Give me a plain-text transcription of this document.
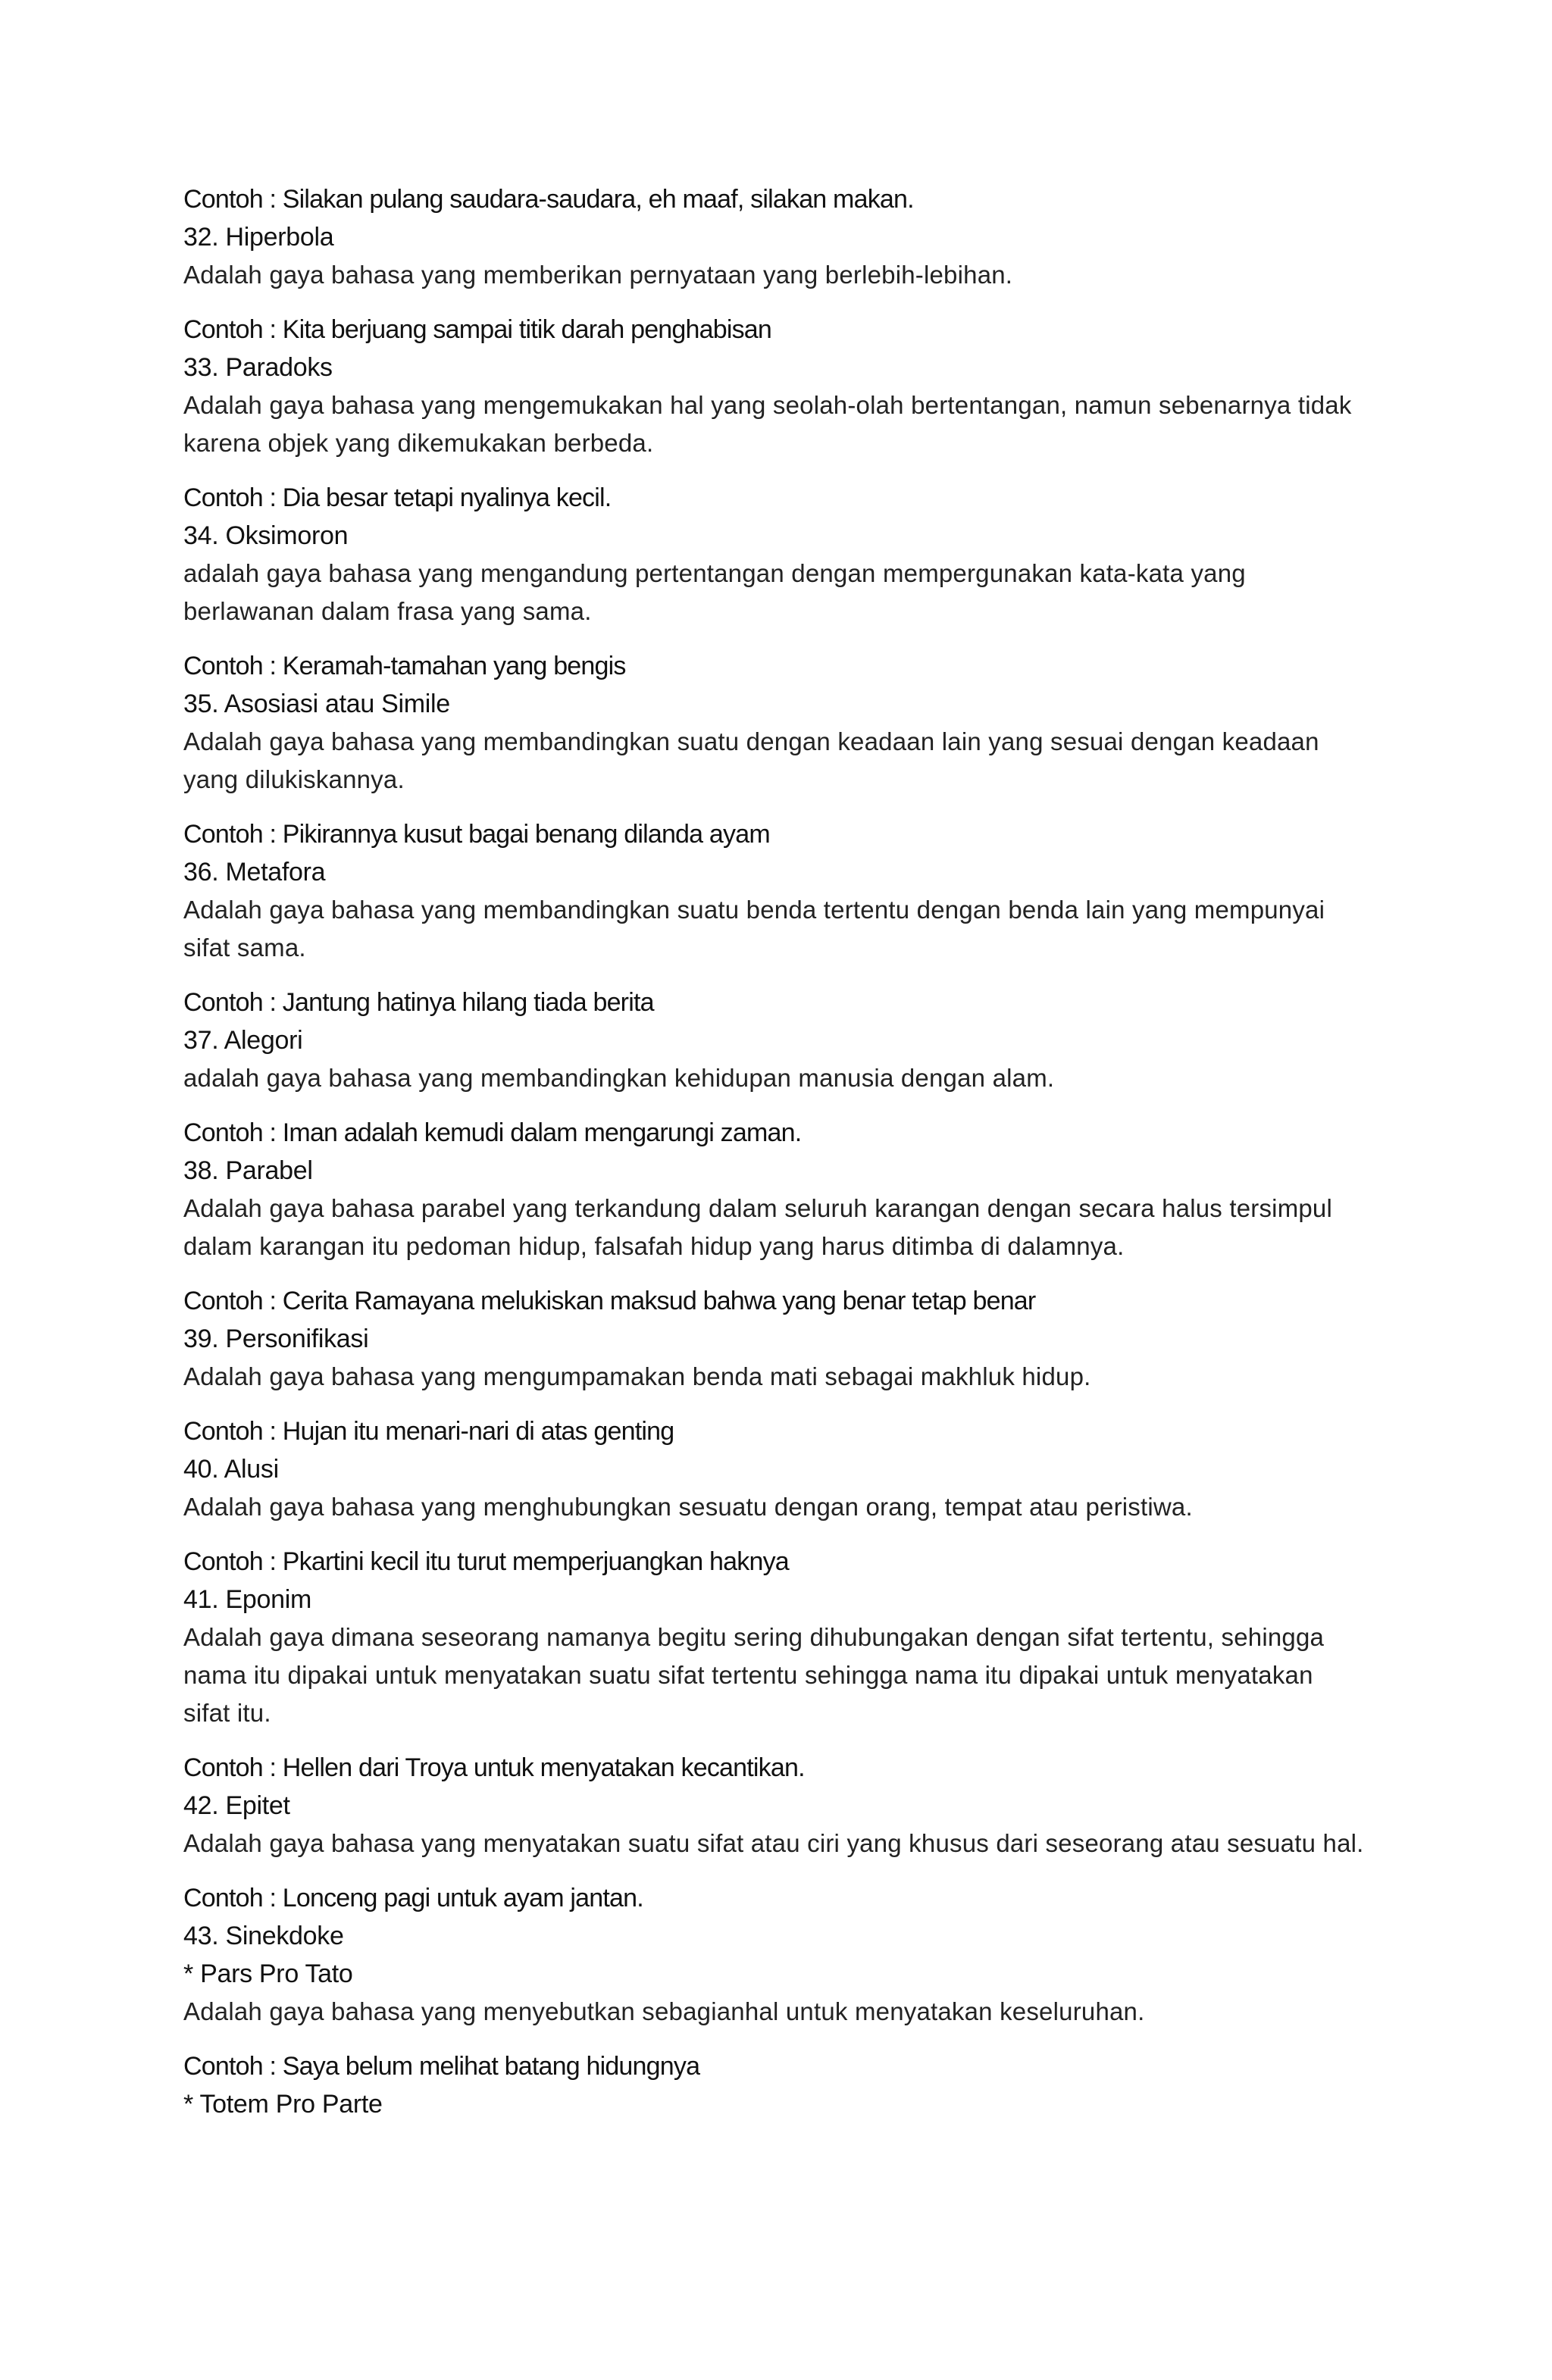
Contoh : Silakan pulang saudara-saudara, eh maaf, silakan makan.

32. Hiperbola

Adalah gaya bahasa yang memberikan pernyataan yang berlebih-lebihan.

Contoh : Kita berjuang sampai titik darah penghabisan

33. Paradoks

Adalah gaya bahasa yang mengemukakan hal yang seolah-olah bertentangan, namun sebenarnya tidak karena objek yang dikemukakan berbeda.

Contoh : Dia besar tetapi nyalinya kecil.

34. Oksimoron

adalah gaya bahasa yang mengandung pertentangan dengan mempergunakan kata-kata yang berlawanan dalam frasa yang sama.

Contoh : Keramah-tamahan yang bengis

35. Asosiasi atau Simile

Adalah gaya bahasa yang membandingkan suatu dengan keadaan lain yang sesuai dengan keadaan yang dilukiskannya.

Contoh : Pikirannya kusut bagai benang dilanda ayam

36. Metafora

Adalah gaya bahasa yang membandingkan suatu benda tertentu dengan benda lain yang mempunyai sifat sama.

Contoh : Jantung hatinya hilang tiada berita

37. Alegori

adalah gaya bahasa yang membandingkan kehidupan manusia dengan alam.

Contoh : Iman adalah kemudi dalam mengarungi zaman.

38. Parabel

Adalah gaya bahasa parabel yang terkandung dalam seluruh karangan dengan secara halus tersimpul dalam karangan itu pedoman hidup, falsafah hidup yang harus ditimba di dalamnya.

Contoh : Cerita Ramayana melukiskan maksud bahwa yang benar tetap benar

39. Personifikasi

Adalah gaya bahasa yang mengumpamakan benda mati sebagai makhluk hidup.

Contoh : Hujan itu menari-nari di atas genting

40. Alusi

Adalah gaya bahasa yang menghubungkan sesuatu dengan orang, tempat atau peristiwa.

Contoh : Pkartini kecil itu turut memperjuangkan haknya

41. Eponim

Adalah gaya dimana seseorang namanya begitu sering dihubungakan dengan sifat tertentu, sehingga nama itu dipakai untuk menyatakan suatu sifat tertentu sehingga nama itu dipakai untuk menyatakan sifat itu.

Contoh : Hellen dari Troya untuk menyatakan kecantikan.

42. Epitet

Adalah gaya bahasa yang menyatakan suatu sifat atau ciri yang khusus dari seseorang atau sesuatu hal.

Contoh : Lonceng pagi untuk ayam jantan.

43. Sinekdoke

* Pars Pro Tato

Adalah gaya bahasa yang menyebutkan sebagianhal untuk menyatakan keseluruhan.

Contoh : Saya belum melihat batang hidungnya

* Totem Pro Parte
